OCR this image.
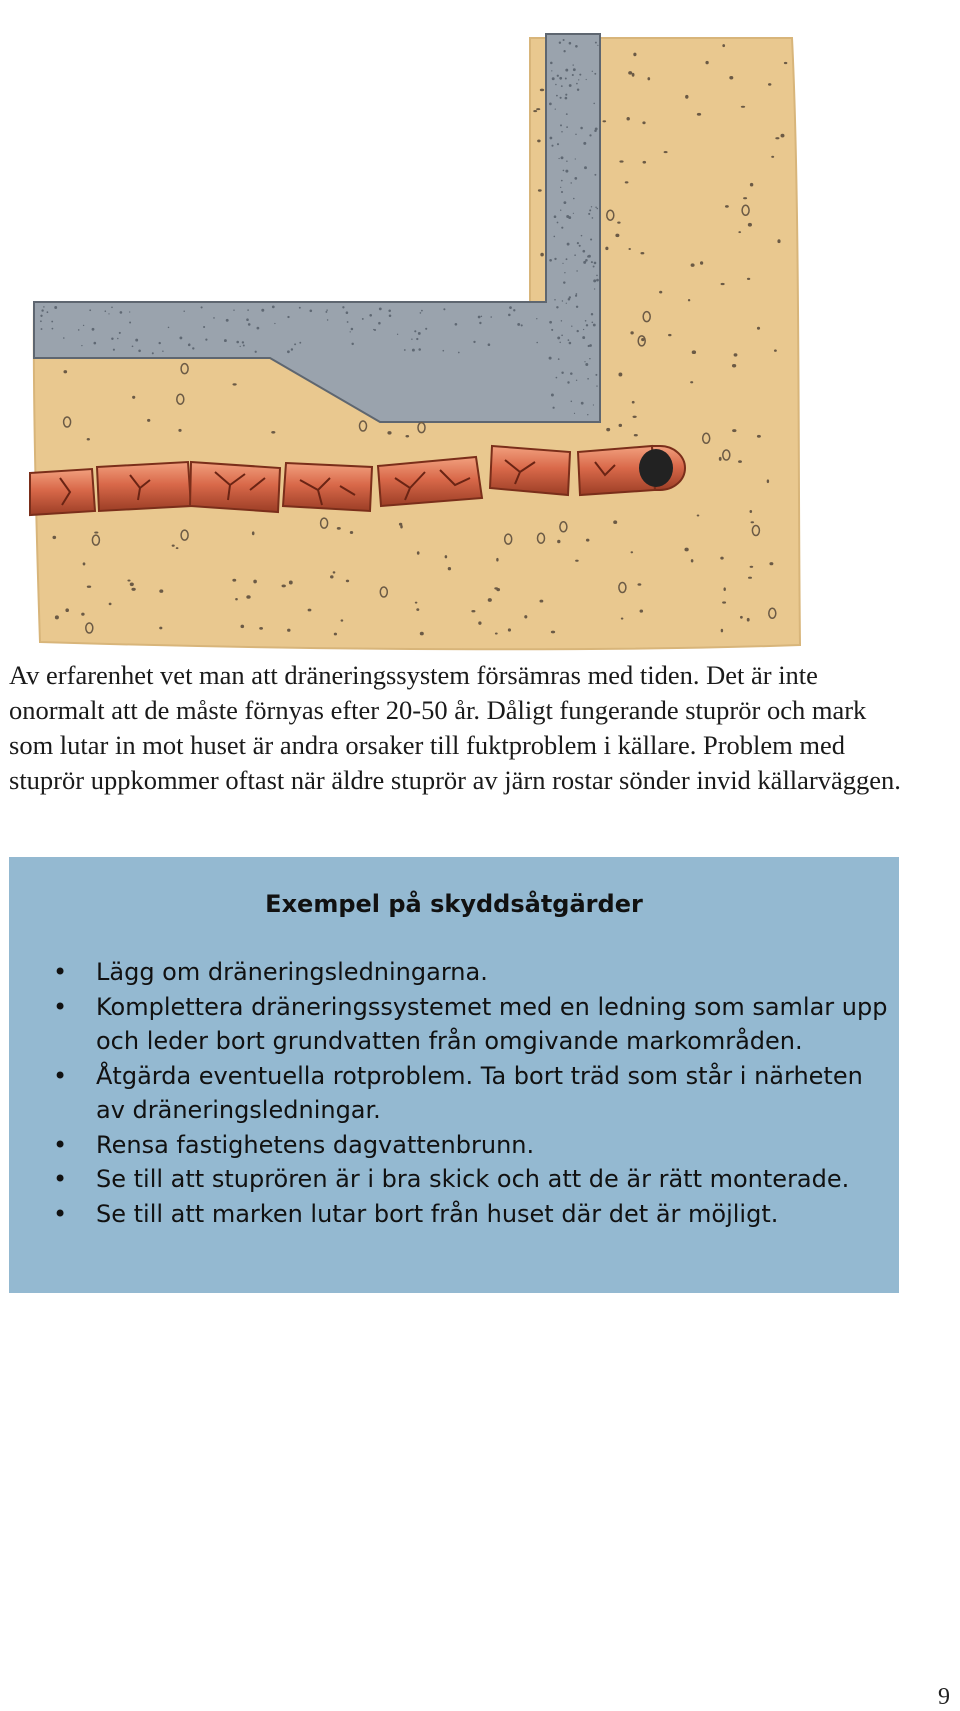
Av erfarenhet vet man att dräneringssystem försämras med tiden. Det är inte onormalt att de måste förnyas efter 20-50 år. Dåligt fungerande stuprör och mark som lutar in mot huset är andra orsaker till fuktproblem i källare. Problem med stuprör uppkommer oftast när äldre stuprör av järn rostar sönder invid källarväggen.

Exempel på skyddsåtgärder
• Lägg om dräneringsledningarna.
• Komplettera dräneringssystemet med en ledning som samlar upp och leder bort grundvatten från omgivande markområden.
• Åtgärda eventuella rotproblem. Ta bort träd som står i närheten av dräneringsledningar.
• Rensa fastighetens dagvattenbrunn.
• Se till att stuprören är i bra skick och att de är rätt monterade.
• Se till att marken lutar bort från huset där det är möjligt.
9
